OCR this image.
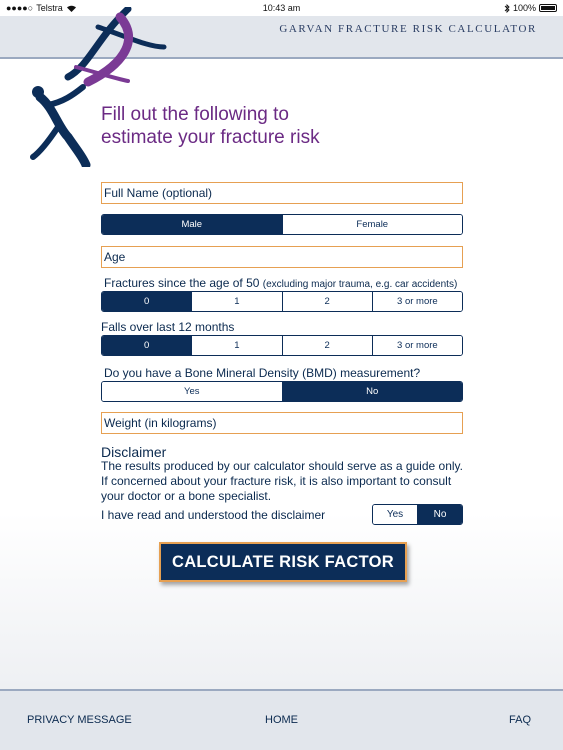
●●●●○ Telstra	10:43 am	100%
GARVAN FRACTURE RISK CALCULATOR
Fill out the following to
estimate your fracture risk
Full Name (optional)
Male	Female
Age
Fractures since the age of 50 (excluding major trauma, e.g. car accidents)
0	1	2	3 or more
Falls over last 12 months
0	1	2	3 or more
Do you have a Bone Mineral Density (BMD) measurement?
Yes	No
Weight (in kilograms)
Disclaimer
The results produced by our calculator should serve as a guide only. If concerned about your fracture risk, it is also important to consult your doctor or a bone specialist.
I have read and understood the disclaimer	Yes	No
CALCULATE RISK FACTOR
PRIVACY MESSAGE	HOME	FAQ
